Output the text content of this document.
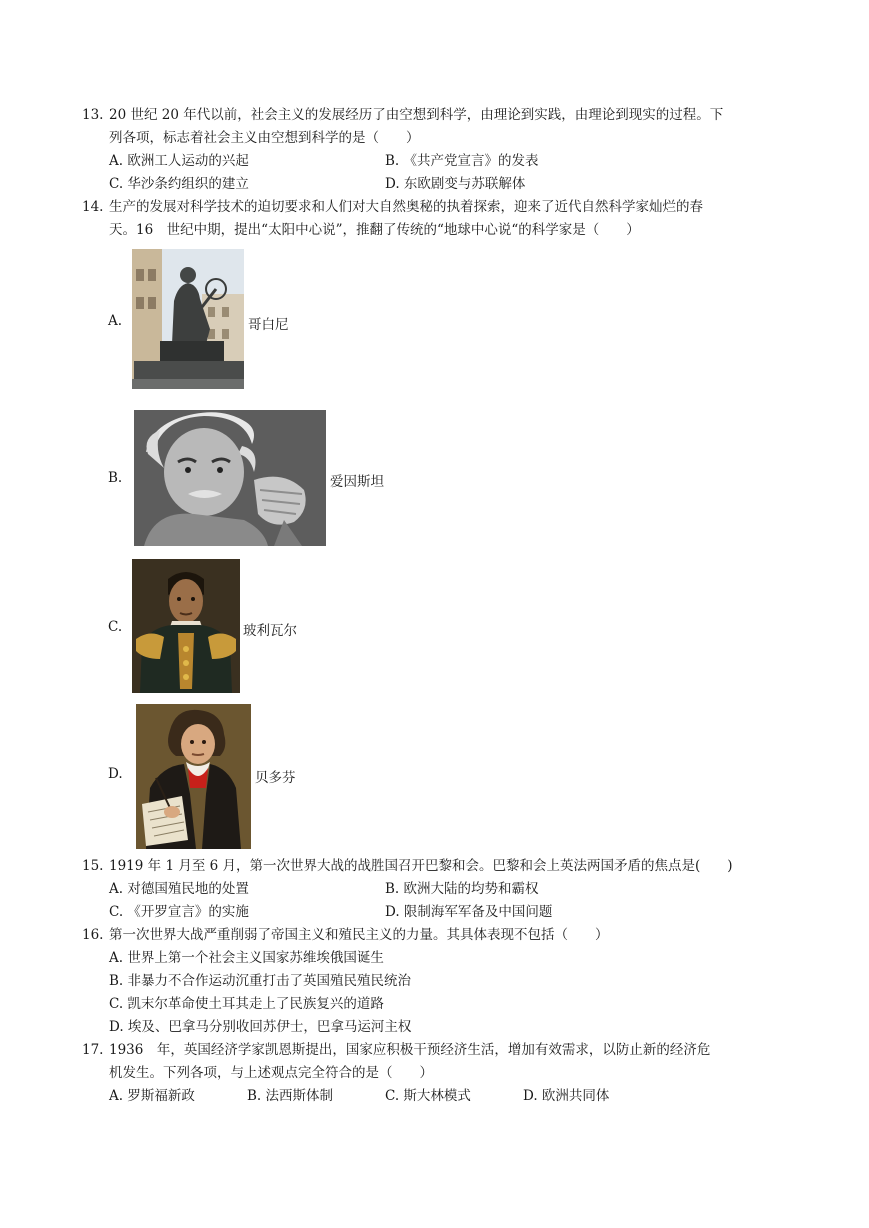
13. 20 世纪 20 年代以前，社会主义的发展经历了由空想到科学，由理论到实践，由理论到现实的过程。下
列各项，标志着社会主义由空想到科学的是（　　）
A. 欧洲工人运动的兴起	B. 《共产党宣言》的发表
C. 华沙条约组织的建立	D. 东欧剧变与苏联解体
14. 生产的发展对科学技术的迫切要求和人们对大自然奥秘的执着探索，迎来了近代自然科学家灿烂的春
天。16　世纪中期，提出“太阳中心说”，推翻了传统的“地球中心说“的科学家是（　　）
A.	哥白尼
B.	爱因斯坦
C.	玻利瓦尔
D.	贝多芬
15. 1919 年 1 月至 6 月，第一次世界大战的战胜国召开巴黎和会。巴黎和会上英法两国矛盾的焦点是(　　)
A. 对德国殖民地的处置	B. 欧洲大陆的均势和霸权
C. 《开罗宣言》的实施	D. 限制海军军备及中国问题
16. 第一次世界大战严重削弱了帝国主义和殖民主义的力量。其具体表现不包括（　　）
A. 世界上第一个社会主义国家苏维埃俄国诞生
B. 非暴力不合作运动沉重打击了英国殖民殖民统治
C. 凯末尔革命使土耳其走上了民族复兴的道路
D. 埃及、巴拿马分别收回苏伊士，巴拿马运河主权
17. 1936　年，英国经济学家凯恩斯提出，国家应积极干预经济生活，增加有效需求，以防止新的经济危
机发生。下列各项，与上述观点完全符合的是（　　）
A. 罗斯福新政	B. 法西斯体制	C. 斯大林模式	D. 欧洲共同体
